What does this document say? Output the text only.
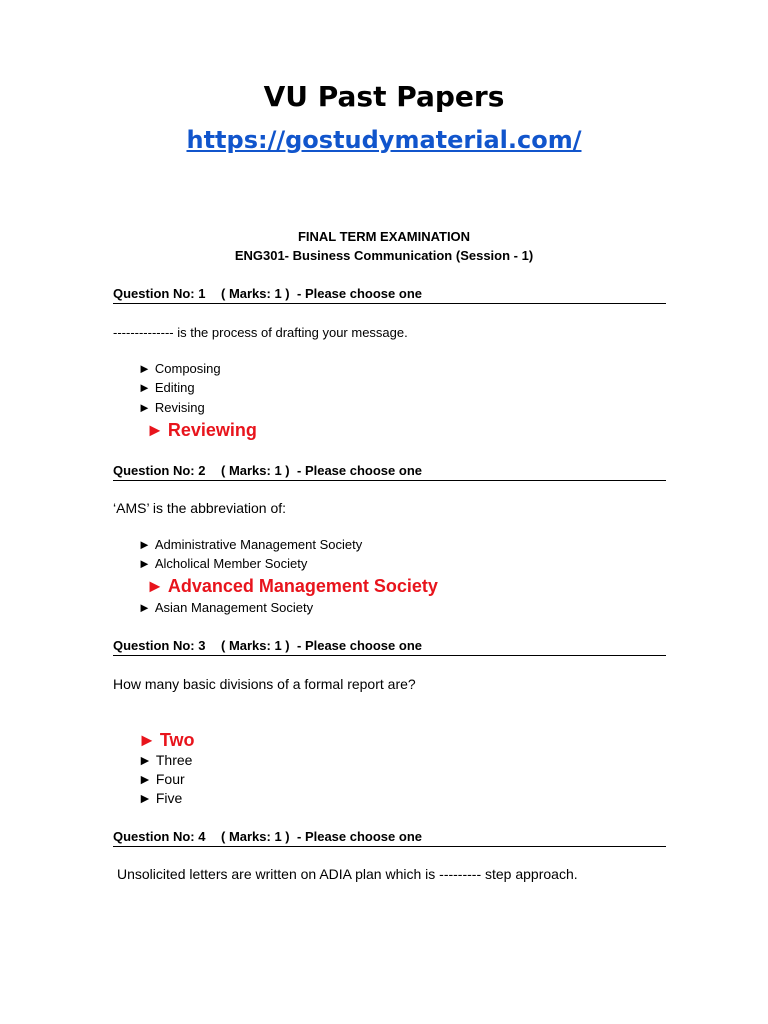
VU Past Papers
https://gostudymaterial.com/
FINAL TERM EXAMINATION
ENG301- Business Communication (Session - 1)
Question No: 1 ( Marks: 1 ) - Please choose one
-------------- is the process of drafting your message.
► Composing
► Editing
► Revising
► Reviewing
Question No: 2 ( Marks: 1 ) - Please choose one
‘AMS’ is the abbreviation of:
► Administrative Management Society
► Alcholical Member Society
► Advanced Management Society
► Asian Management Society
Question No: 3 ( Marks: 1 ) - Please choose one
How many basic divisions of a formal report are?
► Two
► Three
► Four
► Five
Question No: 4 ( Marks: 1 ) - Please choose one
Unsolicited letters are written on ADIA plan which is --------- step approach.
